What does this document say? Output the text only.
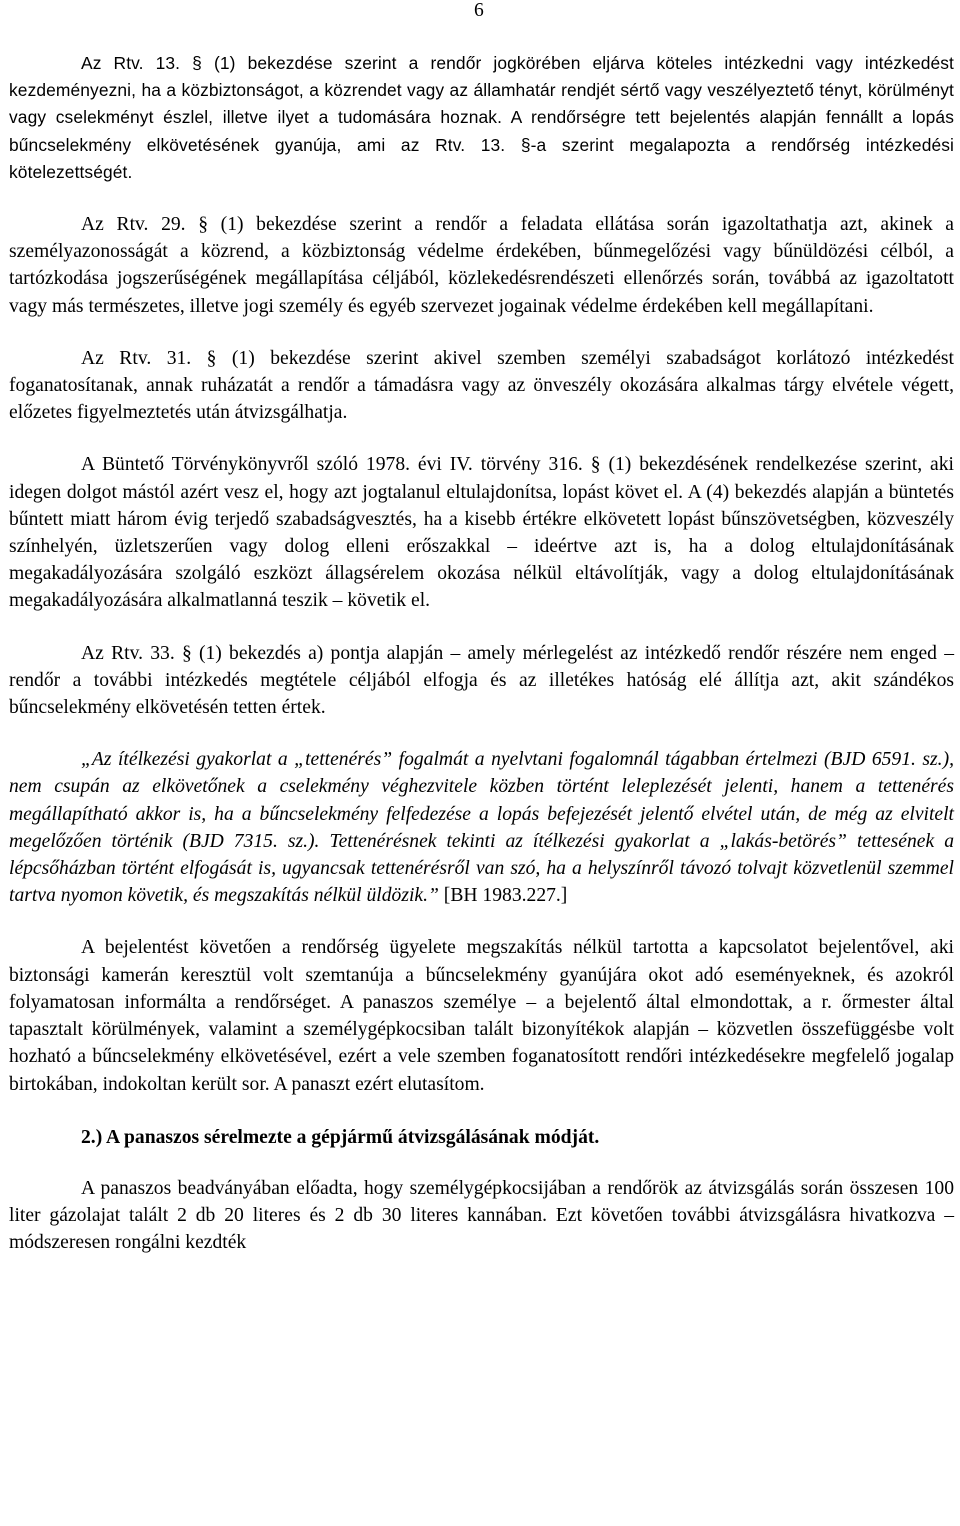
6

Az Rtv. 13. § (1) bekezdése szerint a rendőr jogkörében eljárva köteles intézkedni vagy intézkedést kezdeményezni, ha a közbiztonságot, a közrendet vagy az államhatár rendjét sértő vagy veszélyeztető tényt, körülményt vagy cselekményt észlel, illetve ilyet a tudomására hoznak. A rendőrségre tett bejelentés alapján fennállt a lopás bűncselekmény elkövetésének gyanúja, ami az Rtv. 13. §-a szerint megalapozta a rendőrség intézkedési kötelezettségét.

Az Rtv. 29. § (1) bekezdése szerint a rendőr a feladata ellátása során igazoltathatja azt, akinek a személyazonosságát a közrend, a közbiztonság védelme érdekében, bűnmegelőzési vagy bűnüldözési célból, a tartózkodása jogszerűségének megállapítása céljából, közlekedésrendészeti ellenőrzés során, továbbá az igazoltatott vagy más természetes, illetve jogi személy és egyéb szervezet jogainak védelme érdekében kell megállapítani.

Az Rtv. 31. § (1) bekezdése szerint akivel szemben személyi szabadságot korlátozó intézkedést foganatosítanak, annak ruházatát a rendőr a támadásra vagy az önveszély okozására alkalmas tárgy elvétele végett, előzetes figyelmeztetés után átvizsgálhatja.

A Büntető Törvénykönyvről szóló 1978. évi IV. törvény 316. § (1) bekezdésének rendelkezése szerint, aki idegen dolgot mástól azért vesz el, hogy azt jogtalanul eltulajdonítsa, lopást követ el. A (4) bekezdés alapján a büntetés bűntett miatt három évig terjedő szabadságvesztés, ha a kisebb értékre elkövetett lopást bűnszövetségben, közveszély színhelyén, üzletszerűen vagy dolog elleni erőszakkal – ideértve azt is, ha a dolog eltulajdonításának megakadályozására szolgáló eszközt állagsérelem okozása nélkül eltávolítják, vagy a dolog eltulajdonításának megakadályozására alkalmatlanná teszik – követik el.

Az Rtv. 33. § (1) bekezdés a) pontja alapján – amely mérlegelést az intézkedő rendőr részére nem enged – rendőr a további intézkedés megtétele céljából elfogja és az illetékes hatóság elé állítja azt, akit szándékos bűncselekmény elkövetésén tetten értek.

„Az ítélkezési gyakorlat a „tettenérés” fogalmát a nyelvtani fogalomnál tágabban értelmezi (BJD 6591. sz.), nem csupán az elkövetőnek a cselekmény véghezvitele közben történt leleplezését jelenti, hanem a tettenérés megállapítható akkor is, ha a bűncselekmény felfedezése a lopás befejezését jelentő elvétel után, de még az elvitelt megelőzően történik (BJD 7315. sz.). Tettenérésnek tekinti az ítélkezési gyakorlat a „lakás-betörés” tettesének a lépcsőházban történt elfogását is, ugyancsak tettenérésről van szó, ha a helyszínről távozó tolvajt közvetlenül szemmel tartva nyomon követik, és megszakítás nélkül üldözik.” [BH 1983.227.]

A bejelentést követően a rendőrség ügyelete megszakítás nélkül tartotta a kapcsolatot bejelentővel, aki biztonsági kamerán keresztül volt szemtanúja a bűncselekmény gyanújára okot adó eseményeknek, és azokról folyamatosan informálta a rendőrséget. A panaszos személye – a bejelentő által elmondottak, a r. őrmester által tapasztalt körülmények, valamint a személygépkocsiban talált bizonyítékok alapján – közvetlen összefüggésbe volt hozható a bűncselekmény elkövetésével, ezért a vele szemben foganatosított rendőri intézkedésekre megfelelő jogalap birtokában, indokoltan került sor. A panaszt ezért elutasítom.

2.) A panaszos sérelmezte a gépjármű átvizsgálásának módját.

A panaszos beadványában előadta, hogy személygépkocsijában a rendőrök az átvizsgálás során összesen 100 liter gázolajat talált 2 db 20 literes és 2 db 30 literes kannában. Ezt követően további átvizsgálásra hivatkozva – módszeresen rongálni kezdték
